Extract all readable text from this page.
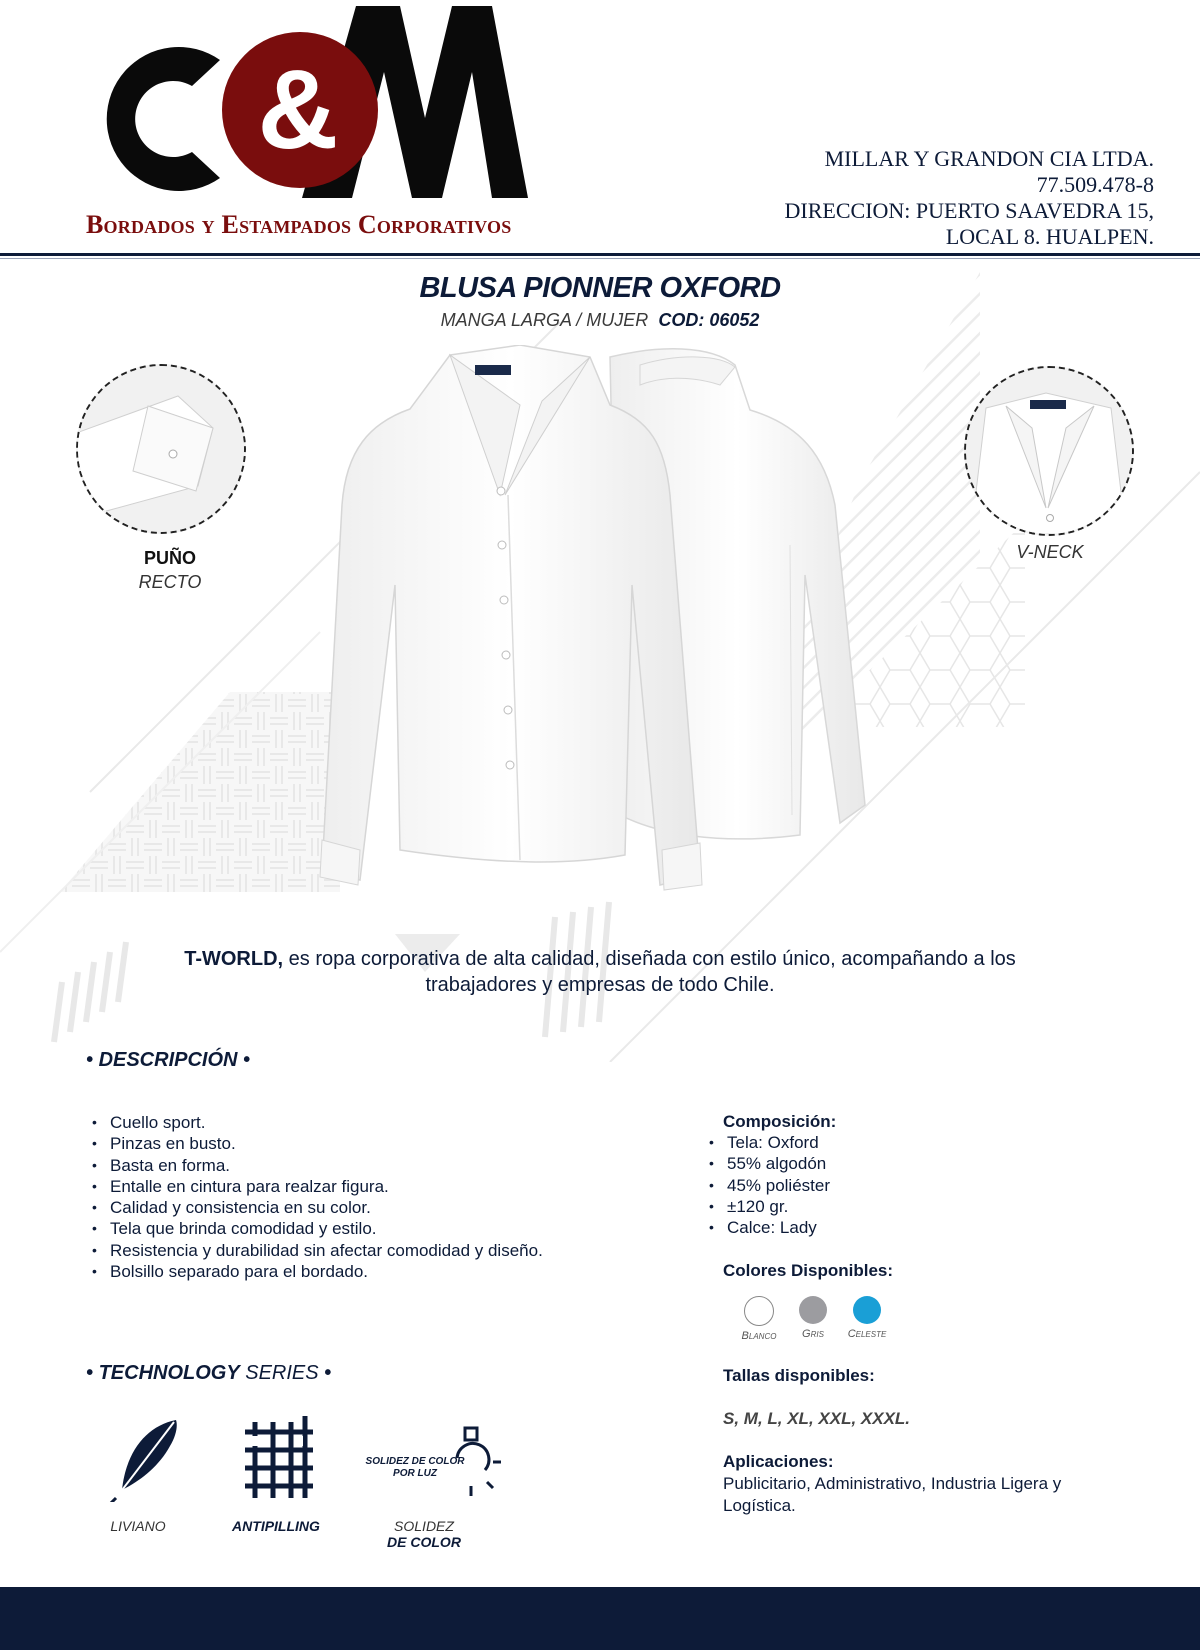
&
Bordados y Estampados Corporativos
MILLAR Y GRANDON CIA LTDA.
77.509.478-8
DIRECCION: PUERTO SAAVEDRA 15,
LOCAL 8. HUALPEN.
BLUSA PIONNER OXFORD
MANGA LARGA / MUJER COD: 06052
PUÑO
RECTO
V-NECK
T-WORLD, es ropa corporativa de alta calidad, diseñada con estilo único, acompañando a los trabajadores y empresas de todo Chile.
• DESCRIPCIÓN •
• Cuello sport.
• Pinzas en busto.
• Basta en forma.
• Entalle en cintura para realzar figura.
• Calidad y consistencia en su color.
• Tela que brinda comodidad y estilo.
• Resistencia y durabilidad sin afectar comodidad y diseño.
• Bolsillo separado para el bordado.
Composición:
• Tela: Oxford
• 55% algodón
• 45% poliéster
• ±120 gr.
• Calce: Lady
Colores Disponibles:
Blanco	Gris	Celeste
Tallas disponibles:
S, M, L, XL, XXL, XXXL.
Aplicaciones:
Publicitario, Administrativo, Industria Ligera y Logística.
• TECHNOLOGY SERIES •
SOLIDEZ DE COLOR
POR LUZ
LIVIANO	ANTIPILLING	SOLIDEZ
DE COLOR
